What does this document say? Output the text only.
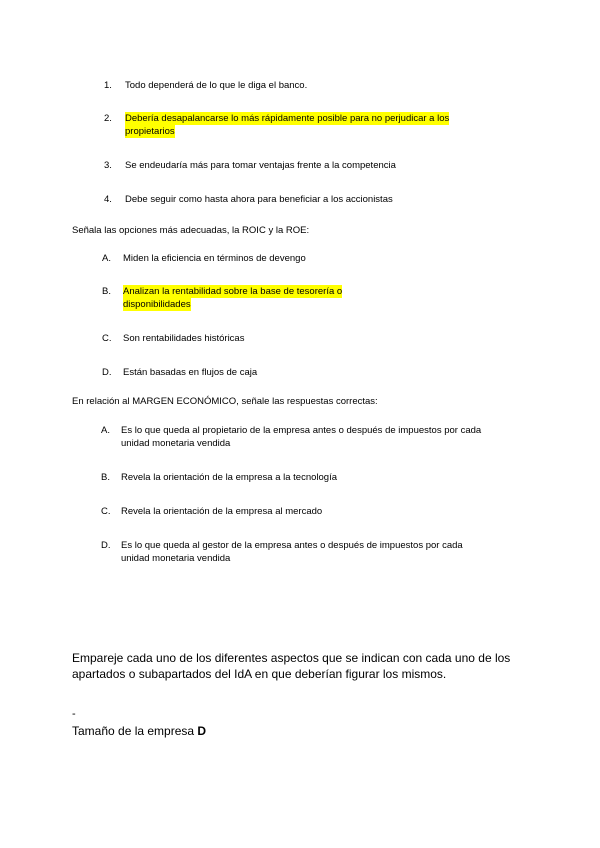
1. Todo dependerá de lo que le diga el banco.
2. Debería desapalancarse lo más rápidamente posible para no perjudicar a los
propietarios
3. Se endeudaría más para tomar ventajas frente a la competencia
4. Debe seguir como hasta ahora para beneficiar a los accionistas
Señala las opciones más adecuadas, la ROIC y la ROE:
A. Miden la eficiencia en términos de devengo
B. Analizan la rentabilidad sobre la base de tesorería o
disponibilidades
C. Son rentabilidades históricas
D. Están basadas en flujos de caja
En relación al MARGEN ECONÓMICO, señale las respuestas correctas:
A. Es lo que queda al propietario de la empresa antes o después de impuestos por cada
unidad monetaria vendida
B. Revela la orientación de la empresa a la tecnología
C. Revela la orientación de la empresa al mercado
D. Es lo que queda al gestor de la empresa antes o después de impuestos por cada
unidad monetaria vendida
Empareje cada uno de los diferentes aspectos que se indican con cada uno de los
apartados o subapartados del IdA en que deberían figurar los mismos.
-
Tamaño de la empresa D
